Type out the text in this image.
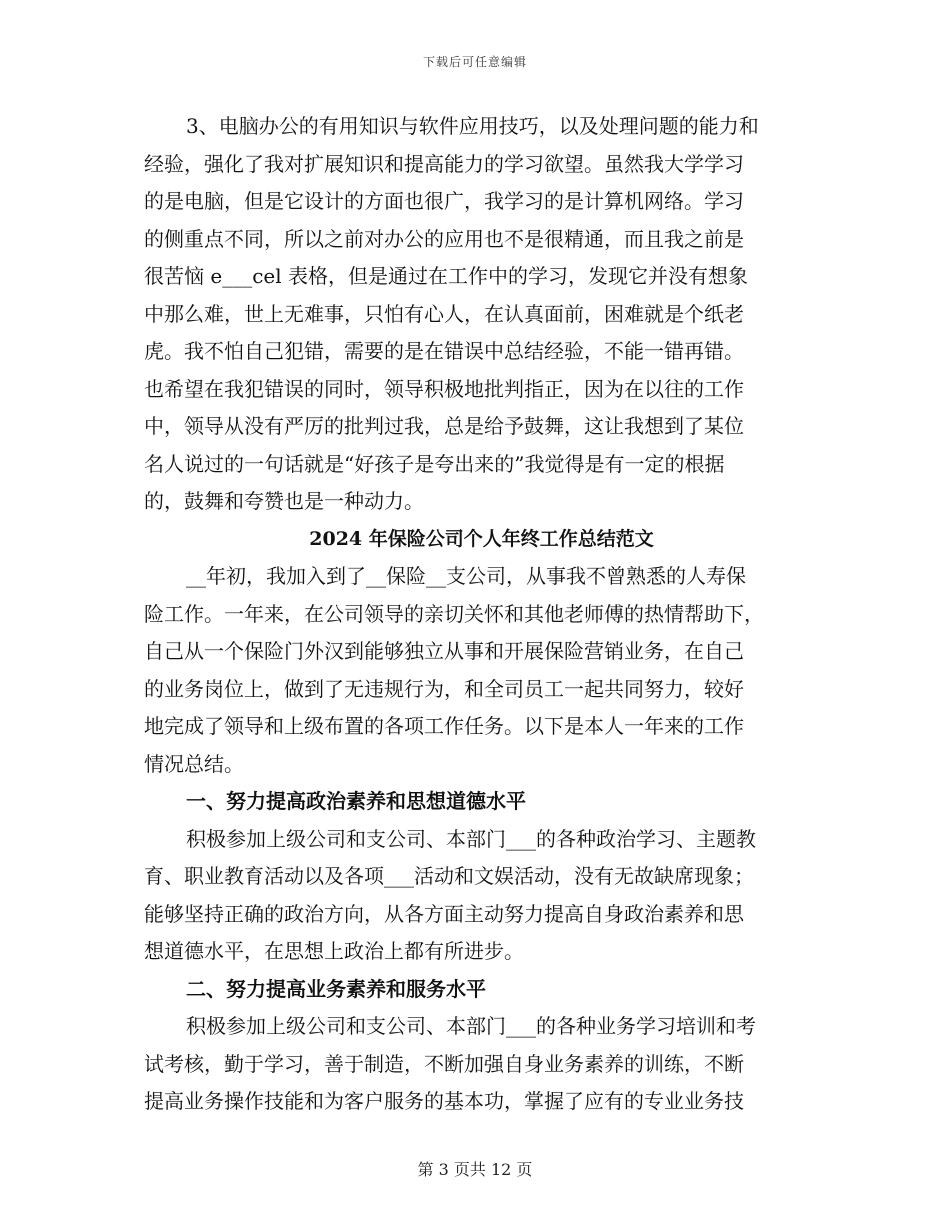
下载后可任意编辑
3、电脑办公的有用知识与软件应用技巧，以及处理问题的能力和
经验，强化了我对扩展知识和提高能力的学习欲望。虽然我大学学习
的是电脑，但是它设计的方面也很广，我学习的是计算机网络。学习
的侧重点不同，所以之前对办公的应用也不是很精通，而且我之前是
很苦恼 e___cel 表格，但是通过在工作中的学习，发现它并没有想象
中那么难，世上无难事，只怕有心人，在认真面前，困难就是个纸老
虎。我不怕自己犯错，需要的是在错误中总结经验，不能一错再错。
也希望在我犯错误的同时，领导积极地批判指正，因为在以往的工作
中，领导从没有严厉的批判过我，总是给予鼓舞，这让我想到了某位
名人说过的一句话就是“好孩子是夸出来的”我觉得是有一定的根据
的，鼓舞和夸赞也是一种动力。
2024 年保险公司个人年终工作总结范文
__年初，我加入到了__保险__支公司，从事我不曾熟悉的人寿保
险工作。一年来，在公司领导的亲切关怀和其他老师傅的热情帮助下，
自己从一个保险门外汉到能够独立从事和开展保险营销业务，在自己
的业务岗位上，做到了无违规行为，和全司员工一起共同努力，较好
地完成了领导和上级布置的各项工作任务。以下是本人一年来的工作
情况总结。
一、努力提高政治素养和思想道德水平
积极参加上级公司和支公司、本部门___的各种政治学习、主题教
育、职业教育活动以及各项___活动和文娱活动，没有无故缺席现象；
能够坚持正确的政治方向，从各方面主动努力提高自身政治素养和思
想道德水平，在思想上政治上都有所进步。
二、努力提高业务素养和服务水平
积极参加上级公司和支公司、本部门___的各种业务学习培训和考
试考核，勤于学习，善于制造，不断加强自身业务素养的训练，不断
提高业务操作技能和为客户服务的基本功，掌握了应有的专业业务技
第 3 页共 12 页
